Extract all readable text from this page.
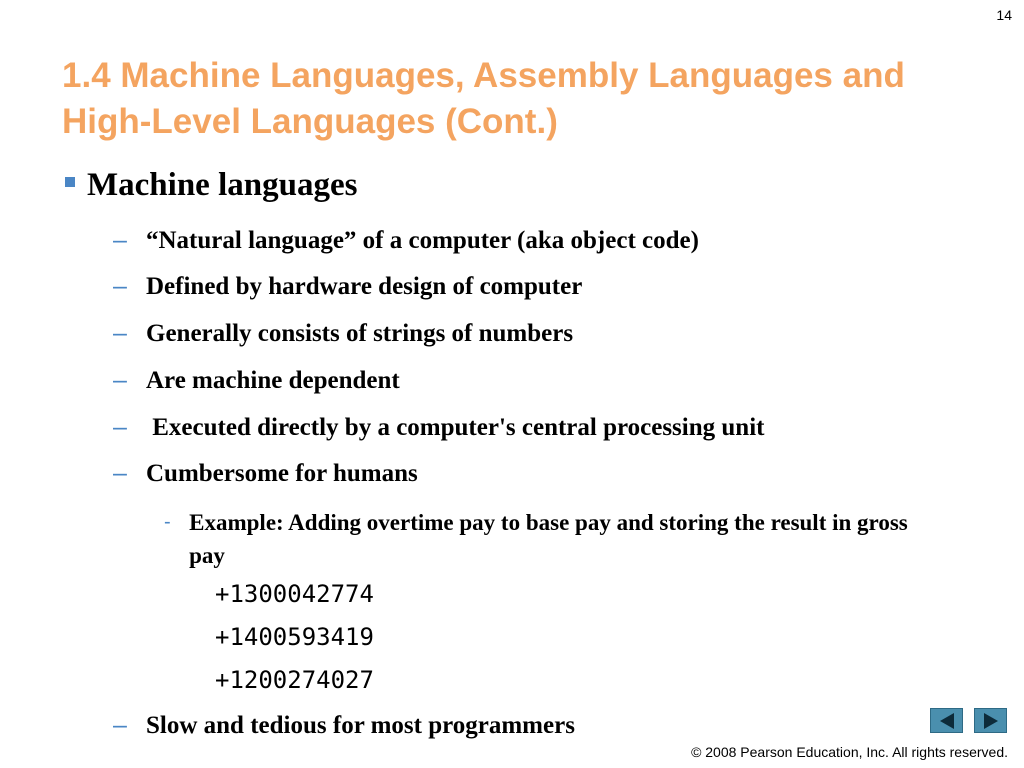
14
1.4 Machine Languages, Assembly Languages and High-Level Languages (Cont.)
Machine languages
– “Natural language” of a computer (aka object code)
– Defined by hardware design of computer
– Generally consists of strings of numbers
– Are machine dependent
– Executed directly by a computer's central processing unit
– Cumbersome for humans
- Example: Adding overtime pay to base pay and storing the result in gross pay
+1300042774
+1400593419
+1200274027
– Slow and tedious for most programmers
© 2008 Pearson Education, Inc. All rights reserved.
